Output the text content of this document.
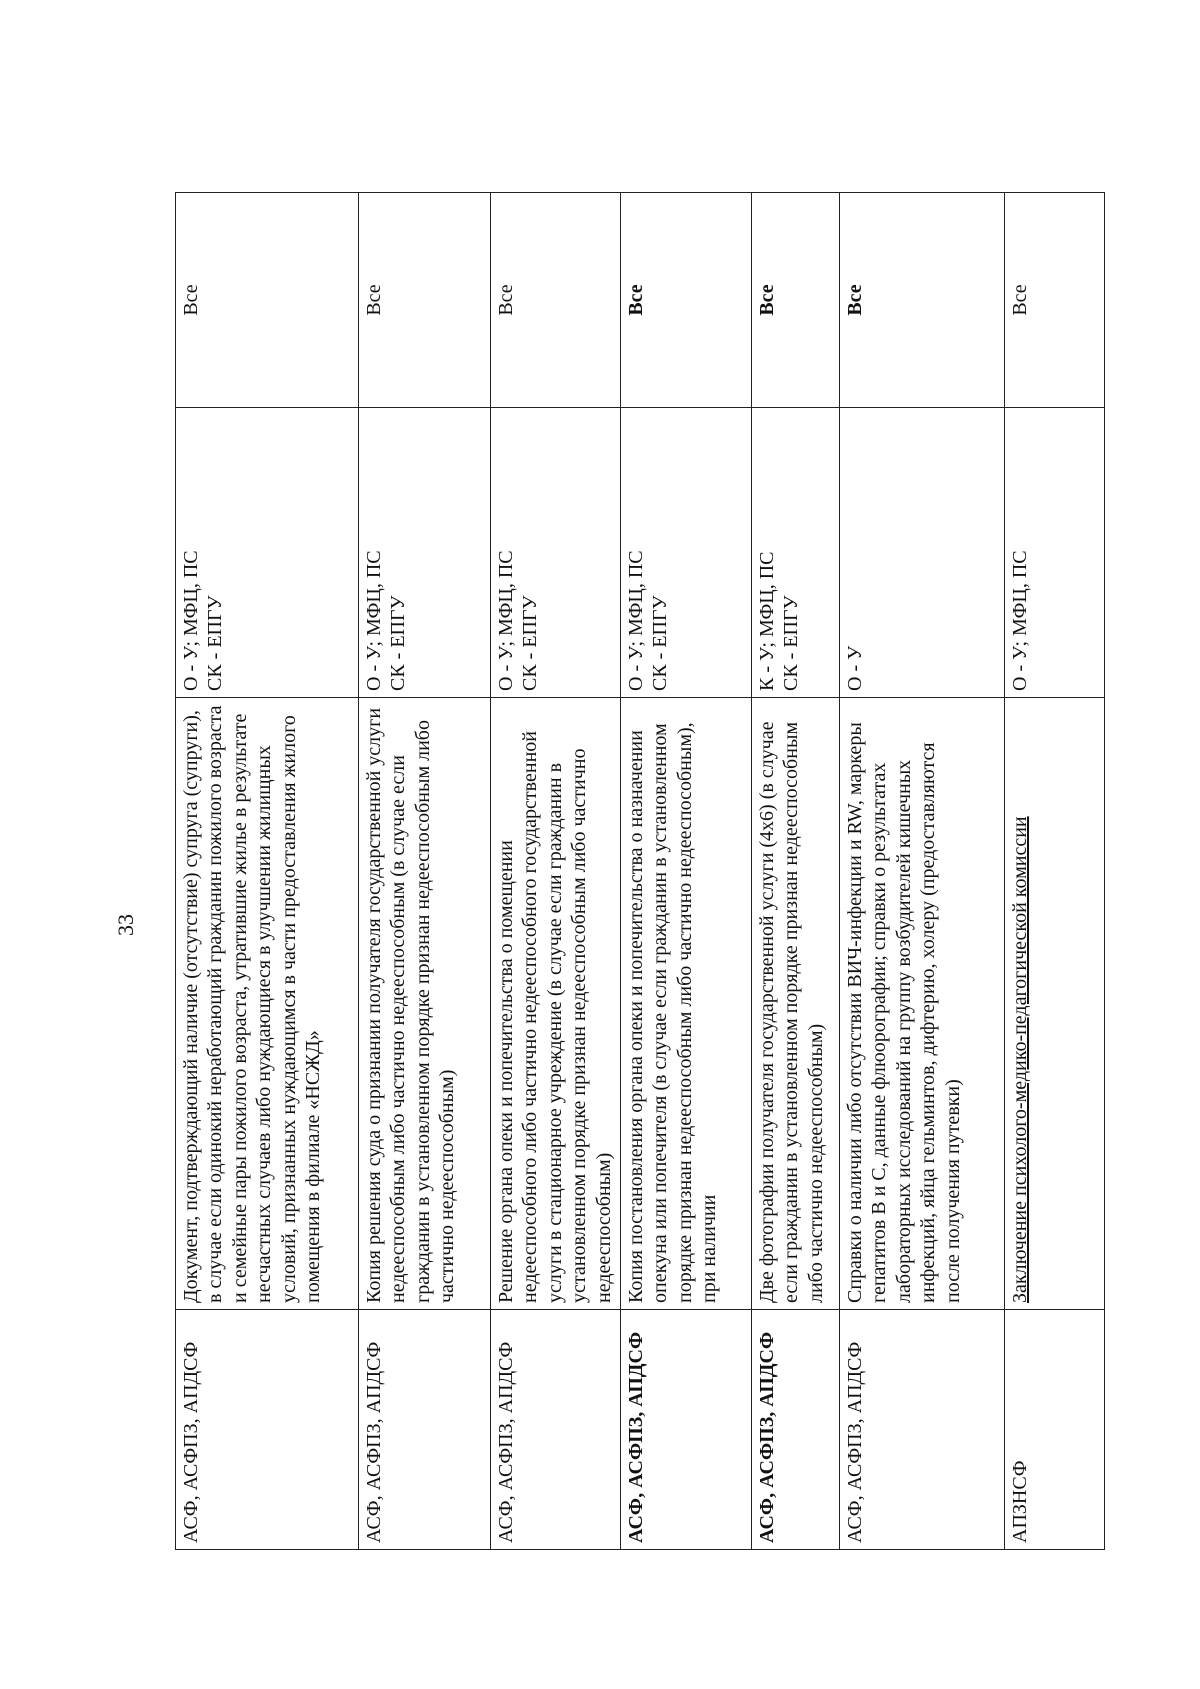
33
АСФ, АСФПЗ, АПДСФ	Документ, подтверждающий наличие (отсутствие) супруга (супруги), в случае если одинокий неработающий гражданин пожилого возраста и семейные пары пожилого возраста, утратившие жилье в результате несчастных случаев либо нуждающиеся в улучшении жилищных условий, признанных нуждающимся в части предоставления жилого помещения в филиале «НСЖД»	О - У; МФЦ, ПС СК - ЕПГУ	Все
АСФ, АСФПЗ, АПДСФ	Копия решения суда о признании получателя государственной услуги недееспособным либо частично недееспособным (в случае если гражданин в установленном порядке признан недееспособным либо частично недееспособным)	О - У; МФЦ, ПС СК - ЕПГУ	Все
АСФ, АСФПЗ, АПДСФ	Решение органа опеки и попечительства о помещении недееспособного либо частично недееспособного государственной услуги в стационарное учреждение (в случае если гражданин в установленном порядке признан недееспособным либо частично недееспособным)	О - У; МФЦ, ПС СК - ЕПГУ	Все
АСФ, АСФПЗ, АПДСФ	Копия постановления органа опеки и попечительства о назначении опекуна или попечителя (в случае если гражданин в установленном порядке признан недееспособным либо частично недееспособным), при наличии	О - У; МФЦ, ПС СК - ЕПГУ	Все
АСФ, АСФПЗ, АПДСФ	Две фотографии получателя государственной услуги (4х6) (в случае если гражданин в установленном порядке признан недееспособным либо частично недееспособным)	К - У; МФЦ, ПС СК - ЕПГУ	Все
АСФ, АСФПЗ, АПДСФ	Справки о наличии либо отсутствии ВИЧ-инфекции и RW, маркеры гепатитов В и С, данные флюорографии; справки о результатах лабораторных исследований на группу возбудителей кишечных инфекций, яйца гельминтов, дифтерию, холеру (предоставляются после получения путевки)	О - У	Все
АПЗНСФ	Заключение психолого-медико-педагогической комиссии	О - У; МФЦ, ПС	Все
